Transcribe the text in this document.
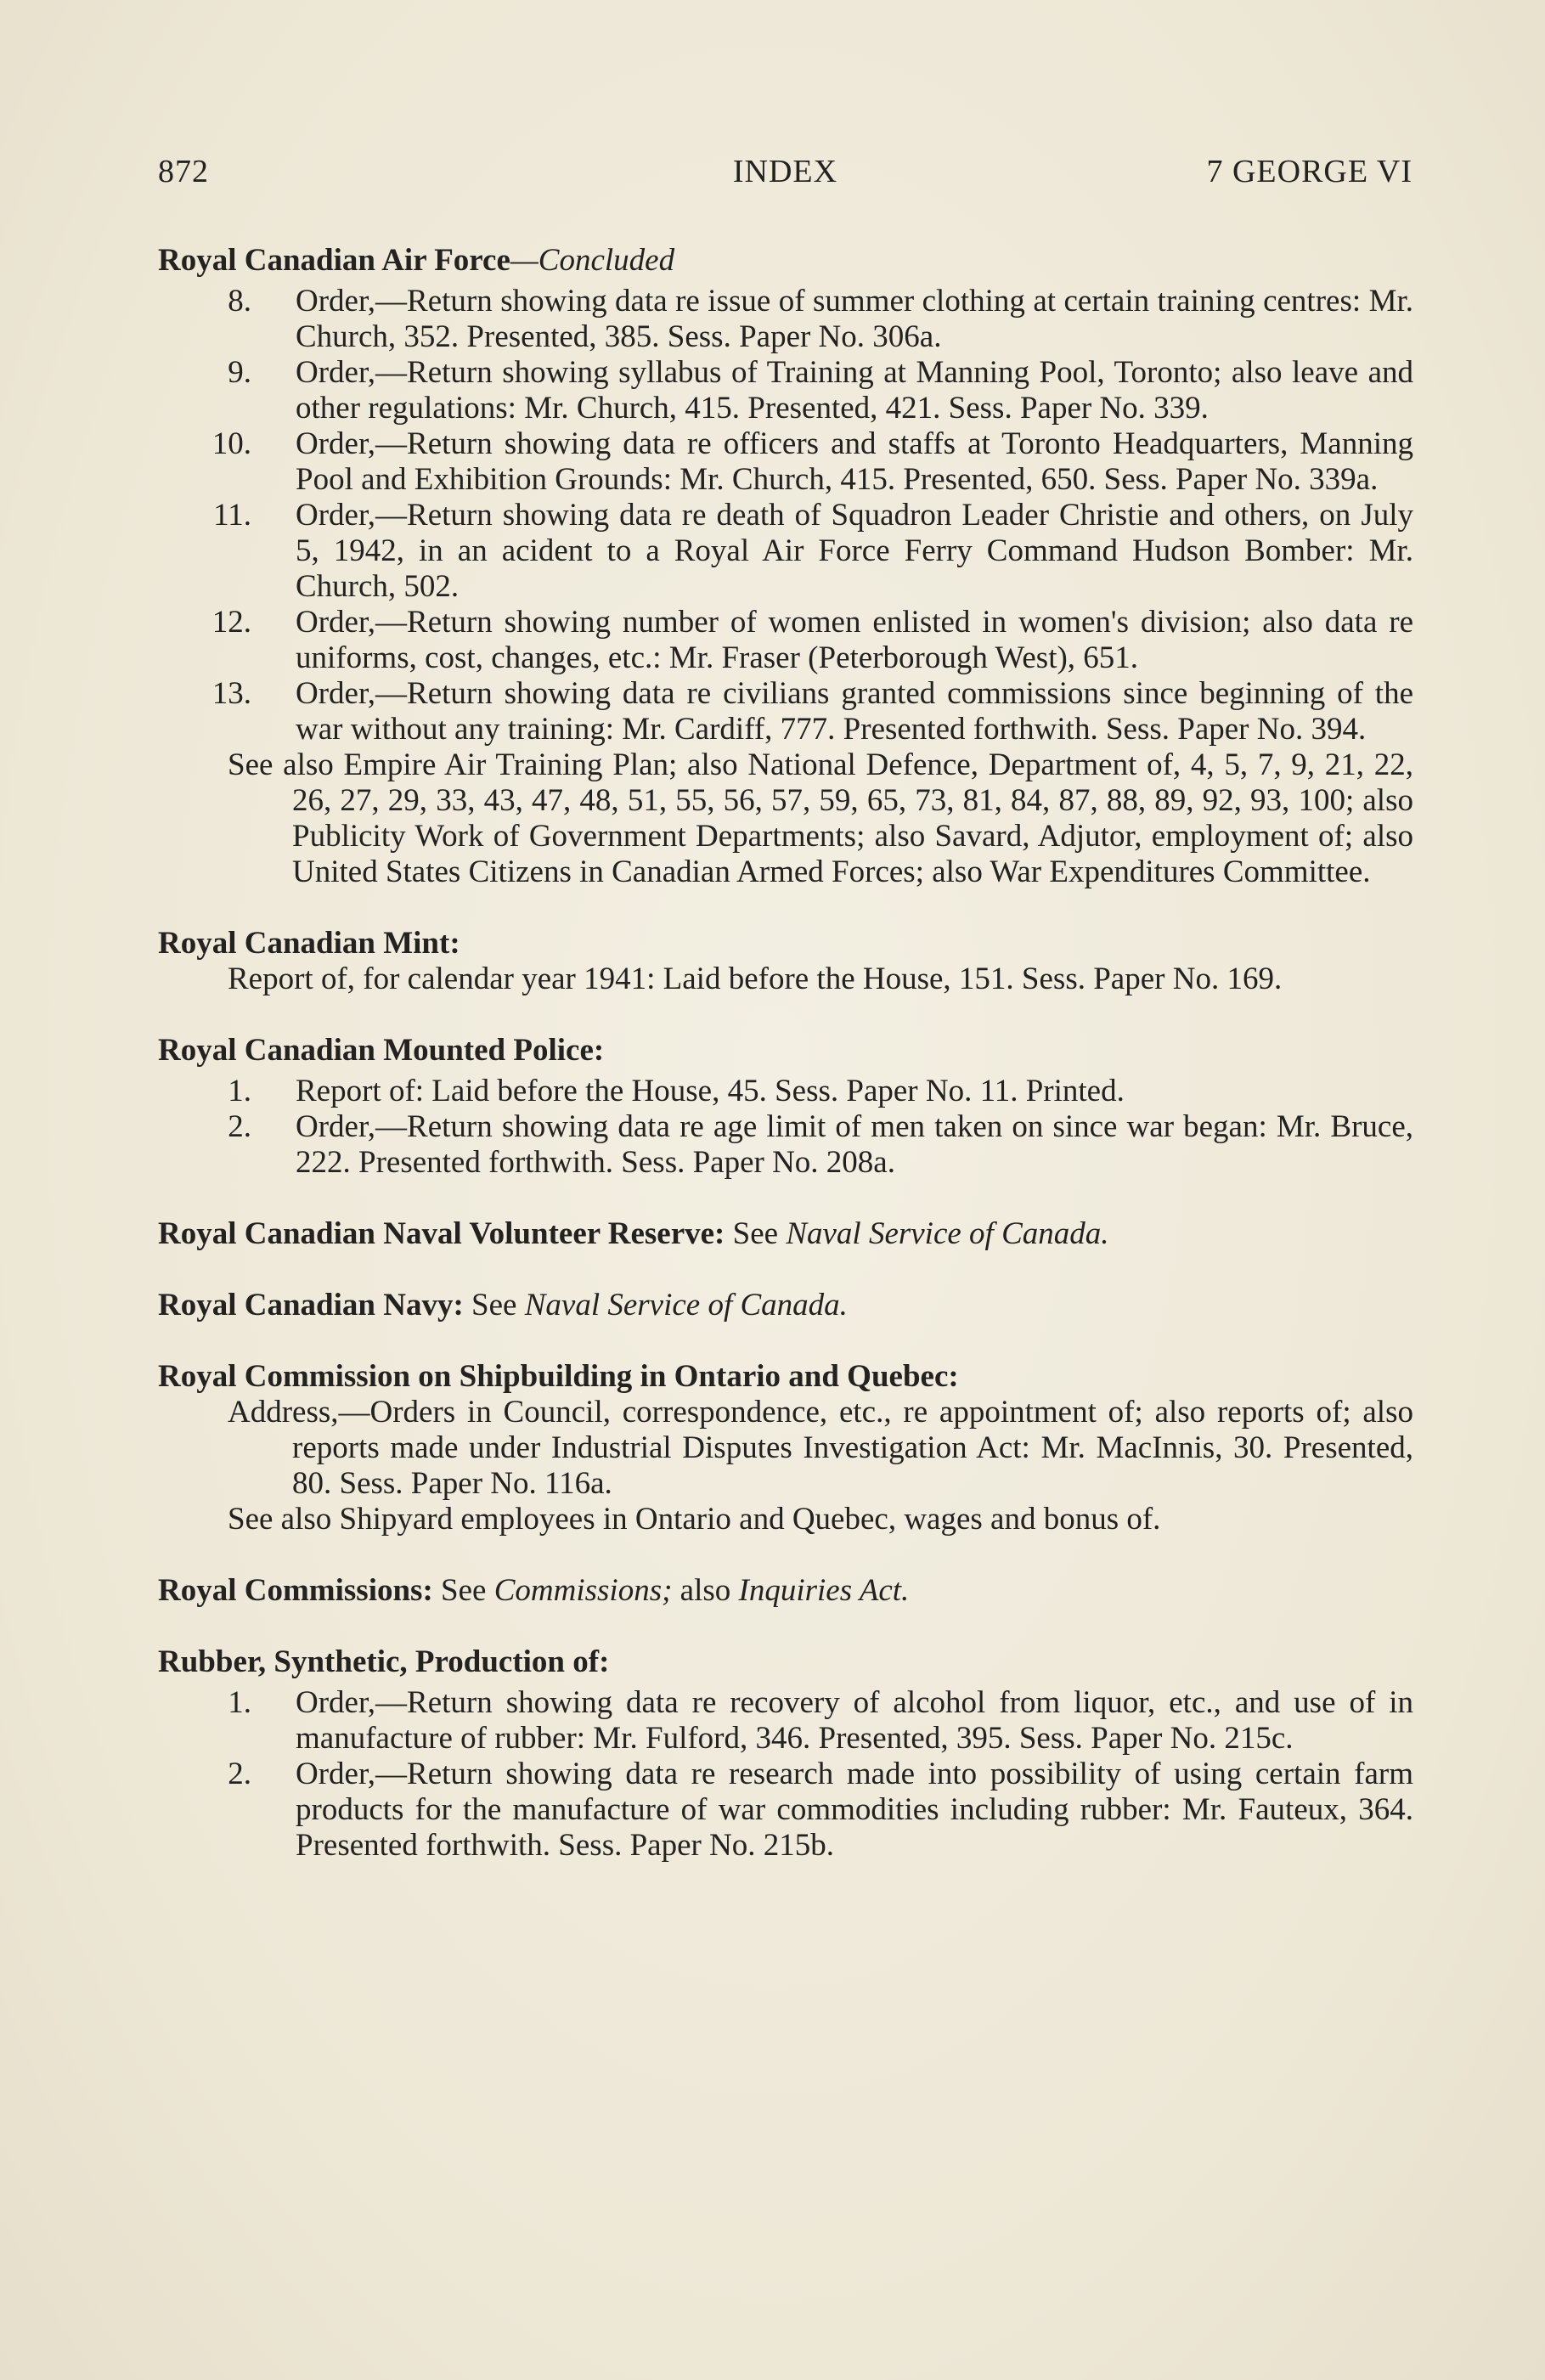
872	INDEX	7 GEORGE VI
Royal Canadian Air Force—Concluded
8. Order,—Return showing data re issue of summer clothing at certain training centres: Mr. Church, 352. Presented, 385. Sess. Paper No. 306a.
9. Order,—Return showing syllabus of Training at Manning Pool, Toronto; also leave and other regulations: Mr. Church, 415. Presented, 421. Sess. Paper No. 339.
10. Order,—Return showing data re officers and staffs at Toronto Headquarters, Manning Pool and Exhibition Grounds: Mr. Church, 415. Presented, 650. Sess. Paper No. 339a.
11. Order,—Return showing data re death of Squadron Leader Christie and others, on July 5, 1942, in an acident to a Royal Air Force Ferry Command Hudson Bomber: Mr. Church, 502.
12. Order,—Return showing number of women enlisted in women's division; also data re uniforms, cost, changes, etc.: Mr. Fraser (Peterborough West), 651.
13. Order,—Return showing data re civilians granted commissions since beginning of the war without any training: Mr. Cardiff, 777. Presented forthwith. Sess. Paper No. 394.
See also Empire Air Training Plan; also National Defence, Department of, 4, 5, 7, 9, 21, 22, 26, 27, 29, 33, 43, 47, 48, 51, 55, 56, 57, 59, 65, 73, 81, 84, 87, 88, 89, 92, 93, 100; also Publicity Work of Government Departments; also Savard, Adjutor, employment of; also United States Citizens in Canadian Armed Forces; also War Expenditures Committee.
Royal Canadian Mint:
Report of, for calendar year 1941: Laid before the House, 151. Sess. Paper No. 169.
Royal Canadian Mounted Police:
1. Report of: Laid before the House, 45. Sess. Paper No. 11. Printed.
2. Order,—Return showing data re age limit of men taken on since war began: Mr. Bruce, 222. Presented forthwith. Sess. Paper No. 208a.
Royal Canadian Naval Volunteer Reserve: See Naval Service of Canada.
Royal Canadian Navy: See Naval Service of Canada.
Royal Commission on Shipbuilding in Ontario and Quebec:
Address,—Orders in Council, correspondence, etc., re appointment of; also reports of; also reports made under Industrial Disputes Investigation Act: Mr. MacInnis, 30. Presented, 80. Sess. Paper No. 116a.
See also Shipyard employees in Ontario and Quebec, wages and bonus of.
Royal Commissions: See Commissions; also Inquiries Act.
Rubber, Synthetic, Production of:
1. Order,—Return showing data re recovery of alcohol from liquor, etc., and use of in manufacture of rubber: Mr. Fulford, 346. Presented, 395. Sess. Paper No. 215c.
2. Order,—Return showing data re research made into possibility of using certain farm products for the manufacture of war commodities including rubber: Mr. Fauteux, 364. Presented forthwith. Sess. Paper No. 215b.
